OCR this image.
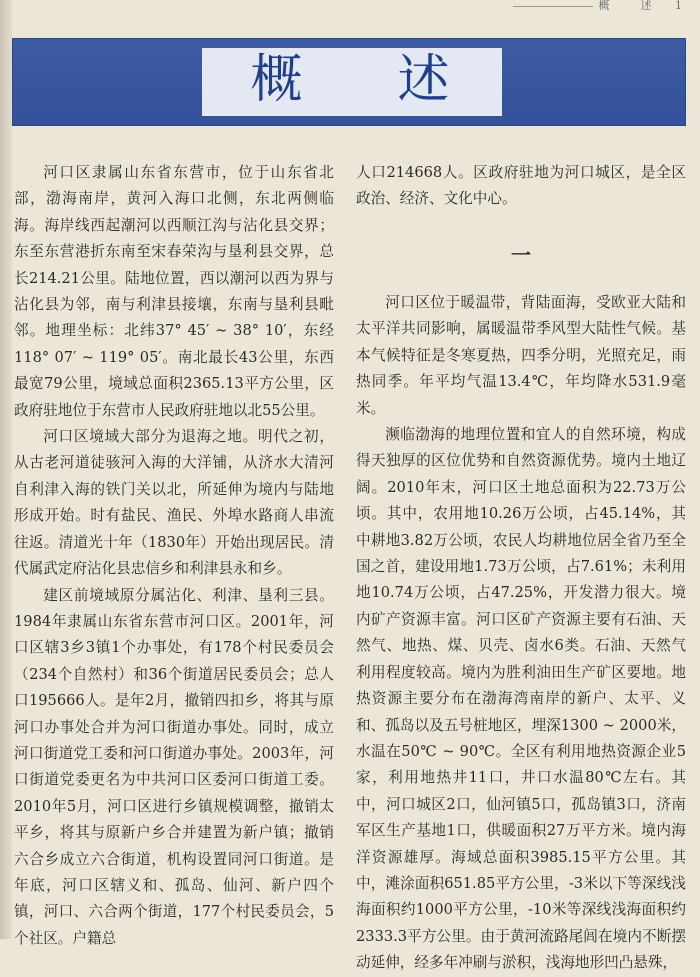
概　述 1
概述

河口区隶属山东省东营市，位于山东省北部，渤海南岸，黄河入海口北侧，东北两侧临海。海岸线西起潮河以西顺江沟与沾化县交界；东至东营港折东南至宋春荣沟与垦利县交界，总长214.21公里。陆地位置，西以潮河以西为界与沾化县为邻，南与利津县接壤，东南与垦利县毗邻。地理坐标：北纬37° 45′ ~ 38° 10′，东经118° 07′ ~ 119° 05′。南北最长43公里，东西最宽79公里，境域总面积2365.13平方公里，区政府驻地位于东营市人民政府驻地以北55公里。

河口区境域大部分为退海之地。明代之初，从古老河道徒骇河入海的大洋铺，从济水大清河自利津入海的铁门关以北，所延伸为境内与陆地形成开始。时有盐民、渔民、外埠水路商人串流往返。清道光十年（1830年）开始出现居民。清代属武定府沾化县忠信乡和利津县永和乡。

建区前境域原分属沾化、利津、垦利三县。1984年隶属山东省东营市河口区。2001年，河口区辖3乡3镇1个办事处，有178个村民委员会（234个自然村）和36个街道居民委员会；总人口195666人。是年2月，撤销四扣乡，将其与原河口办事处合并为河口街道办事处。同时，成立河口街道党工委和河口街道办事处。2003年，河口街道党委更名为中共河口区委河口街道工委。2010年5月，河口区进行乡镇规模调整，撤销太平乡，将其与原新户乡合并建置为新户镇；撤销六合乡成立六合街道，机构设置同河口街道。是年底，河口区辖义和、孤岛、仙河、新户四个镇，河口、六合两个街道，177个村民委员会，5个社区。户籍总

人口214668人。区政府驻地为河口城区，是全区政治、经济、文化中心。

一

河口区位于暖温带，背陆面海，受欧亚大陆和太平洋共同影响，属暖温带季风型大陆性气候。基本气候特征是冬寒夏热，四季分明，光照充足，雨热同季。年平均气温13.4℃，年均降水531.9毫米。

濒临渤海的地理位置和宜人的自然环境，构成得天独厚的区位优势和自然资源优势。境内土地辽阔。2010年末，河口区土地总面积为22.73万公顷。其中，农用地10.26万公顷，占45.14%，其中耕地3.82万公顷，农民人均耕地位居全省乃至全国之首，建设用地1.73万公顷，占7.61%；未利用地10.74万公顷，占47.25%，开发潜力很大。境内矿产资源丰富。河口区矿产资源主要有石油、天然气、地热、煤、贝壳、卤水6类。石油、天然气利用程度较高。境内为胜利油田生产矿区要地。地热资源主要分布在渤海湾南岸的新户、太平、义和、孤岛以及五号桩地区，埋深1300 ~ 2000米，水温在50℃ ~ 90℃。全区有利用地热资源企业5家，利用地热井11口，井口水温80℃左右。其中，河口城区2口，仙河镇5口，孤岛镇3口，济南军区生产基地1口，供暖面积27万平方米。境内海洋资源雄厚。海域总面积3985.15平方公里。其中，滩涂面积651.85平方公里，-3米以下等深线浅海面积约1000平方公里，-10米等深线浅海面积约2333.3平方公里。由于黄河流路尾闾在境内不断摆动延伸，经多年冲刷与淤积，浅海地形凹凸悬殊，
